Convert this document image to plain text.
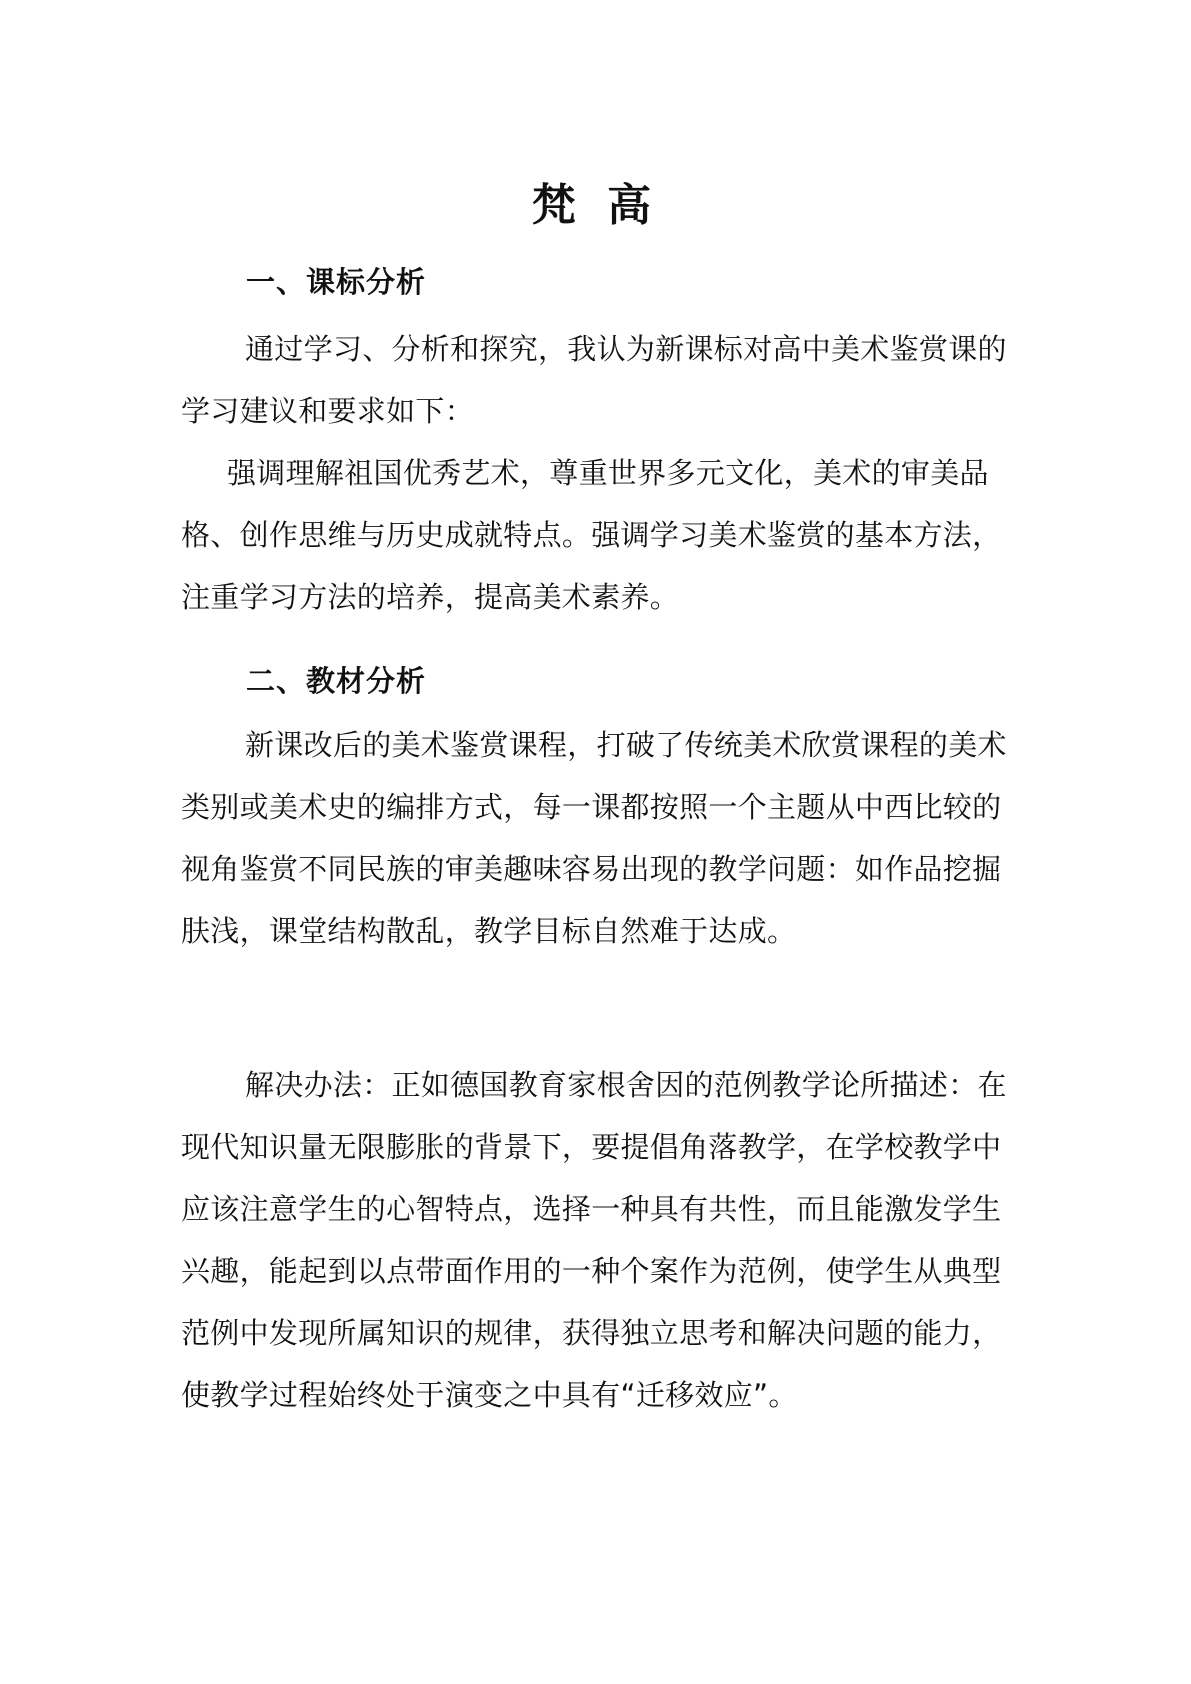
梵 高
一、课标分析

通过学习、分析和探究，我认为新课标对高中美术鉴赏课的学习建议和要求如下：

强调理解祖国优秀艺术，尊重世界多元文化，美术的审美品格、创作思维与历史成就特点。强调学习美术鉴赏的基本方法，注重学习方法的培养，提高美术素养。

二、教材分析

新课改后的美术鉴赏课程，打破了传统美术欣赏课程的美术类别或美术史的编排方式，每一课都按照一个主题从中西比较的视角鉴赏不同民族的审美趣味容易出现的教学问题：如作品挖掘肤浅，课堂结构散乱，教学目标自然难于达成。

解决办法：正如德国教育家根舍因的范例教学论所描述：在现代知识量无限膨胀的背景下，要提倡角落教学，在学校教学中应该注意学生的心智特点，选择一种具有共性，而且能激发学生兴趣，能起到以点带面作用的一种个案作为范例，使学生从典型范例中发现所属知识的规律，获得独立思考和解决问题的能力，使教学过程始终处于演变之中具有“迁移效应”。
